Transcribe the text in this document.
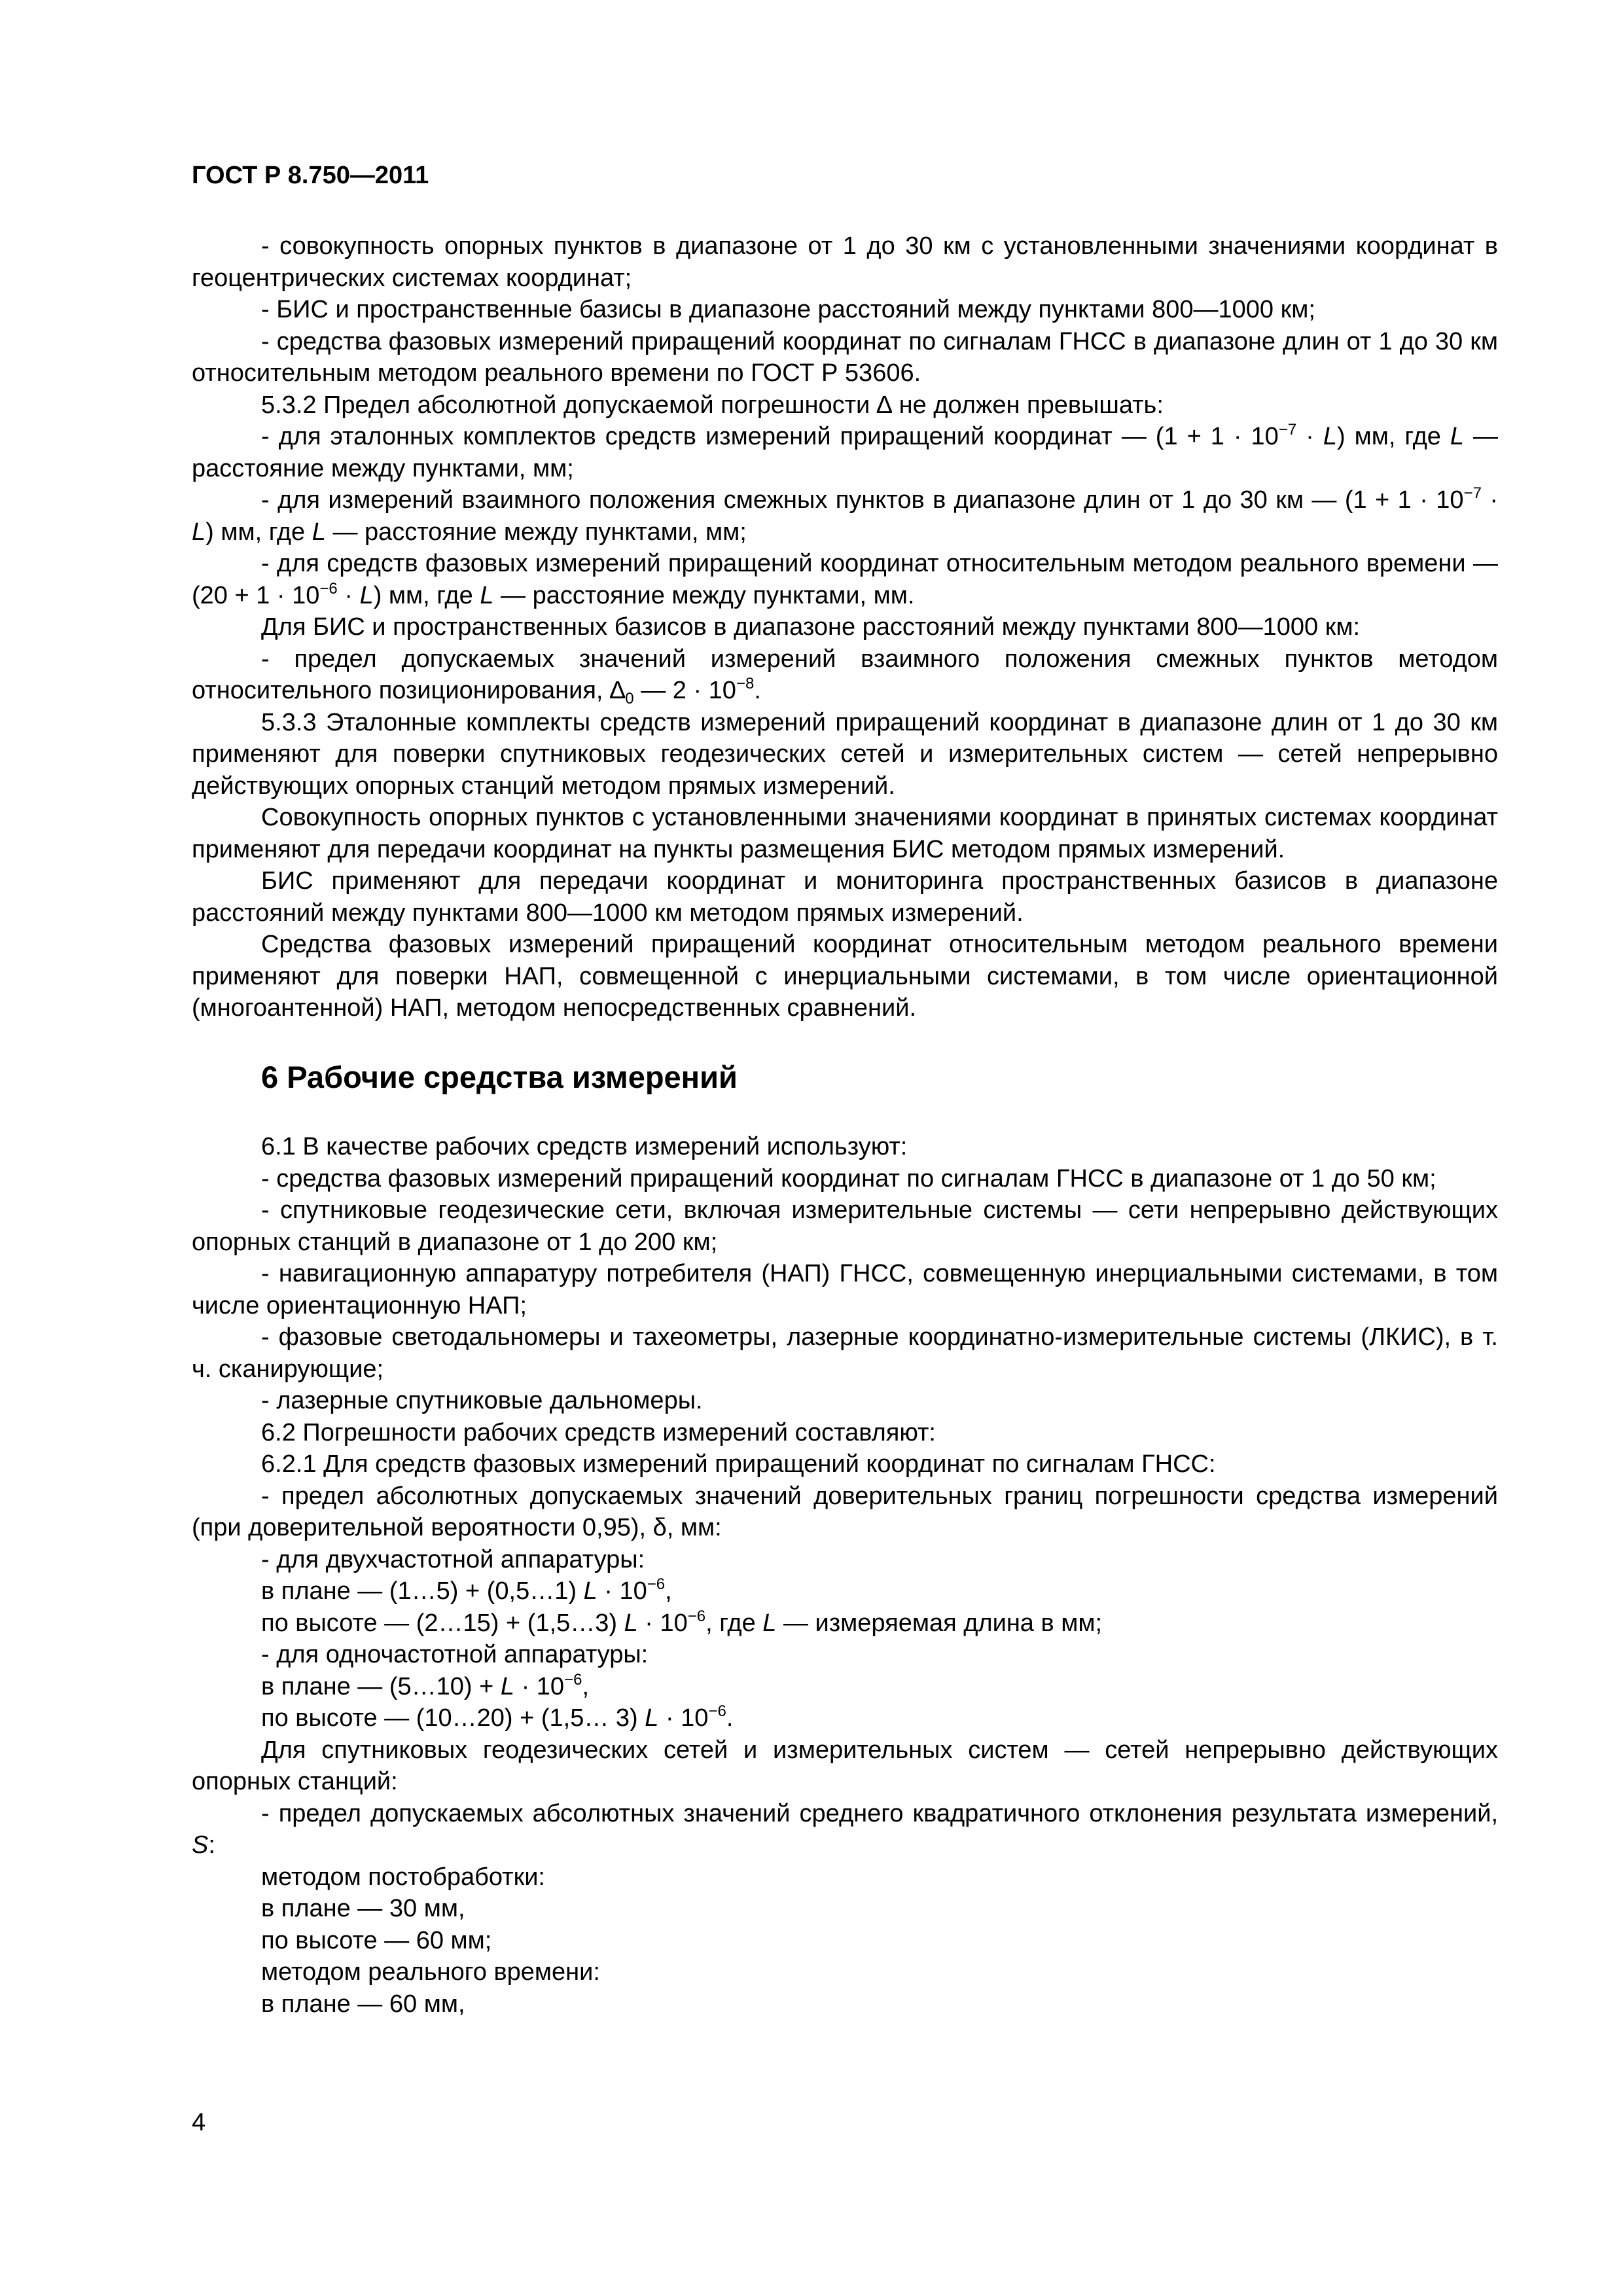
ГОСТ Р 8.750—2011

- совокупность опорных пунктов в диапазоне от 1 до 30 км с установленными значениями координат в геоцентрических системах координат;

- БИС и пространственные базисы в диапазоне расстояний между пунктами 800—1000 км;

- средства фазовых измерений приращений координат по сигналам ГНСС в диапазоне длин от 1 до 30 км относительным методом реального времени по ГОСТ Р 53606.

5.3.2 Предел абсолютной допускаемой погрешности ∆ не должен превышать:

- для эталонных комплектов средств измерений приращений координат — $(1 + 1 \cdot 10^{-7} \cdot L)$ мм, где L — расстояние между пунктами, мм;

- для измерений взаимного положения смежных пунктов в диапазоне длин от 1 до 30 км — $(1 + 1 \cdot 10^{-7} \cdot L)$ мм, где L — расстояние между пунктами, мм;

- для средств фазовых измерений приращений координат относительным методом реального времени — $(20 + 1 \cdot 10^{-6} \cdot L)$ мм, где L — расстояние между пунктами, мм.

Для БИС и пространственных базисов в диапазоне расстояний между пунктами 800—1000 км:

- предел допускаемых значений измерений взаимного положения смежных пунктов методом относительного позиционирования, $\Delta_0$ — $2 \cdot 10^{-8}$.

5.3.3 Эталонные комплекты средств измерений приращений координат в диапазоне длин от 1 до 30 км применяют для поверки спутниковых геодезических сетей и измерительных систем — сетей непрерывно действующих опорных станций методом прямых измерений.

Совокупность опорных пунктов с установленными значениями координат в принятых системах координат применяют для передачи координат на пункты размещения БИС методом прямых измерений.

БИС применяют для передачи координат и мониторинга пространственных базисов в диапазоне расстояний между пунктами 800—1000 км методом прямых измерений.

Средства фазовых измерений приращений координат относительным методом реального времени применяют для поверки НАП, совмещенной с инерциальными системами, в том числе ориентационной (многоантенной) НАП, методом непосредственных сравнений.

6 Рабочие средства измерений

6.1 В качестве рабочих средств измерений используют:

- средства фазовых измерений приращений координат по сигналам ГНСС в диапазоне от 1 до 50 км;

- спутниковые геодезические сети, включая измерительные системы — сети непрерывно действующих опорных станций в диапазоне от 1 до 200 км;

- навигационную аппаратуру потребителя (НАП) ГНСС, совмещенную инерциальными системами, в том числе ориентационную НАП;

- фазовые светодальномеры и тахеометры, лазерные координатно-измерительные системы (ЛКИС), в т. ч. сканирующие;

- лазерные спутниковые дальномеры.

6.2 Погрешности рабочих средств измерений составляют:

6.2.1 Для средств фазовых измерений приращений координат по сигналам ГНСС:

- предел абсолютных допускаемых значений доверительных границ погрешности средства измерений (при доверительной вероятности 0,95), δ, мм:

- для двухчастотной аппаратуры:

в плане — (1…5) + (0,5…1) $L \cdot 10^{-6}$,

по высоте — (2…15) + (1,5…3) $L \cdot 10^{-6}$, где L — измеряемая длина в мм;

- для одночастотной аппаратуры:

в плане — (5…10) + $L \cdot 10^{-6}$,

по высоте — (10…20) + (1,5… 3) $L \cdot 10^{-6}$.

Для спутниковых геодезических сетей и измерительных систем — сетей непрерывно действующих опорных станций:

- предел допускаемых абсолютных значений среднего квадратичного отклонения результата измерений, S:

методом постобработки:

в плане — 30 мм,

по высоте — 60 мм;

методом реального времени:

в плане — 60 мм,

4
